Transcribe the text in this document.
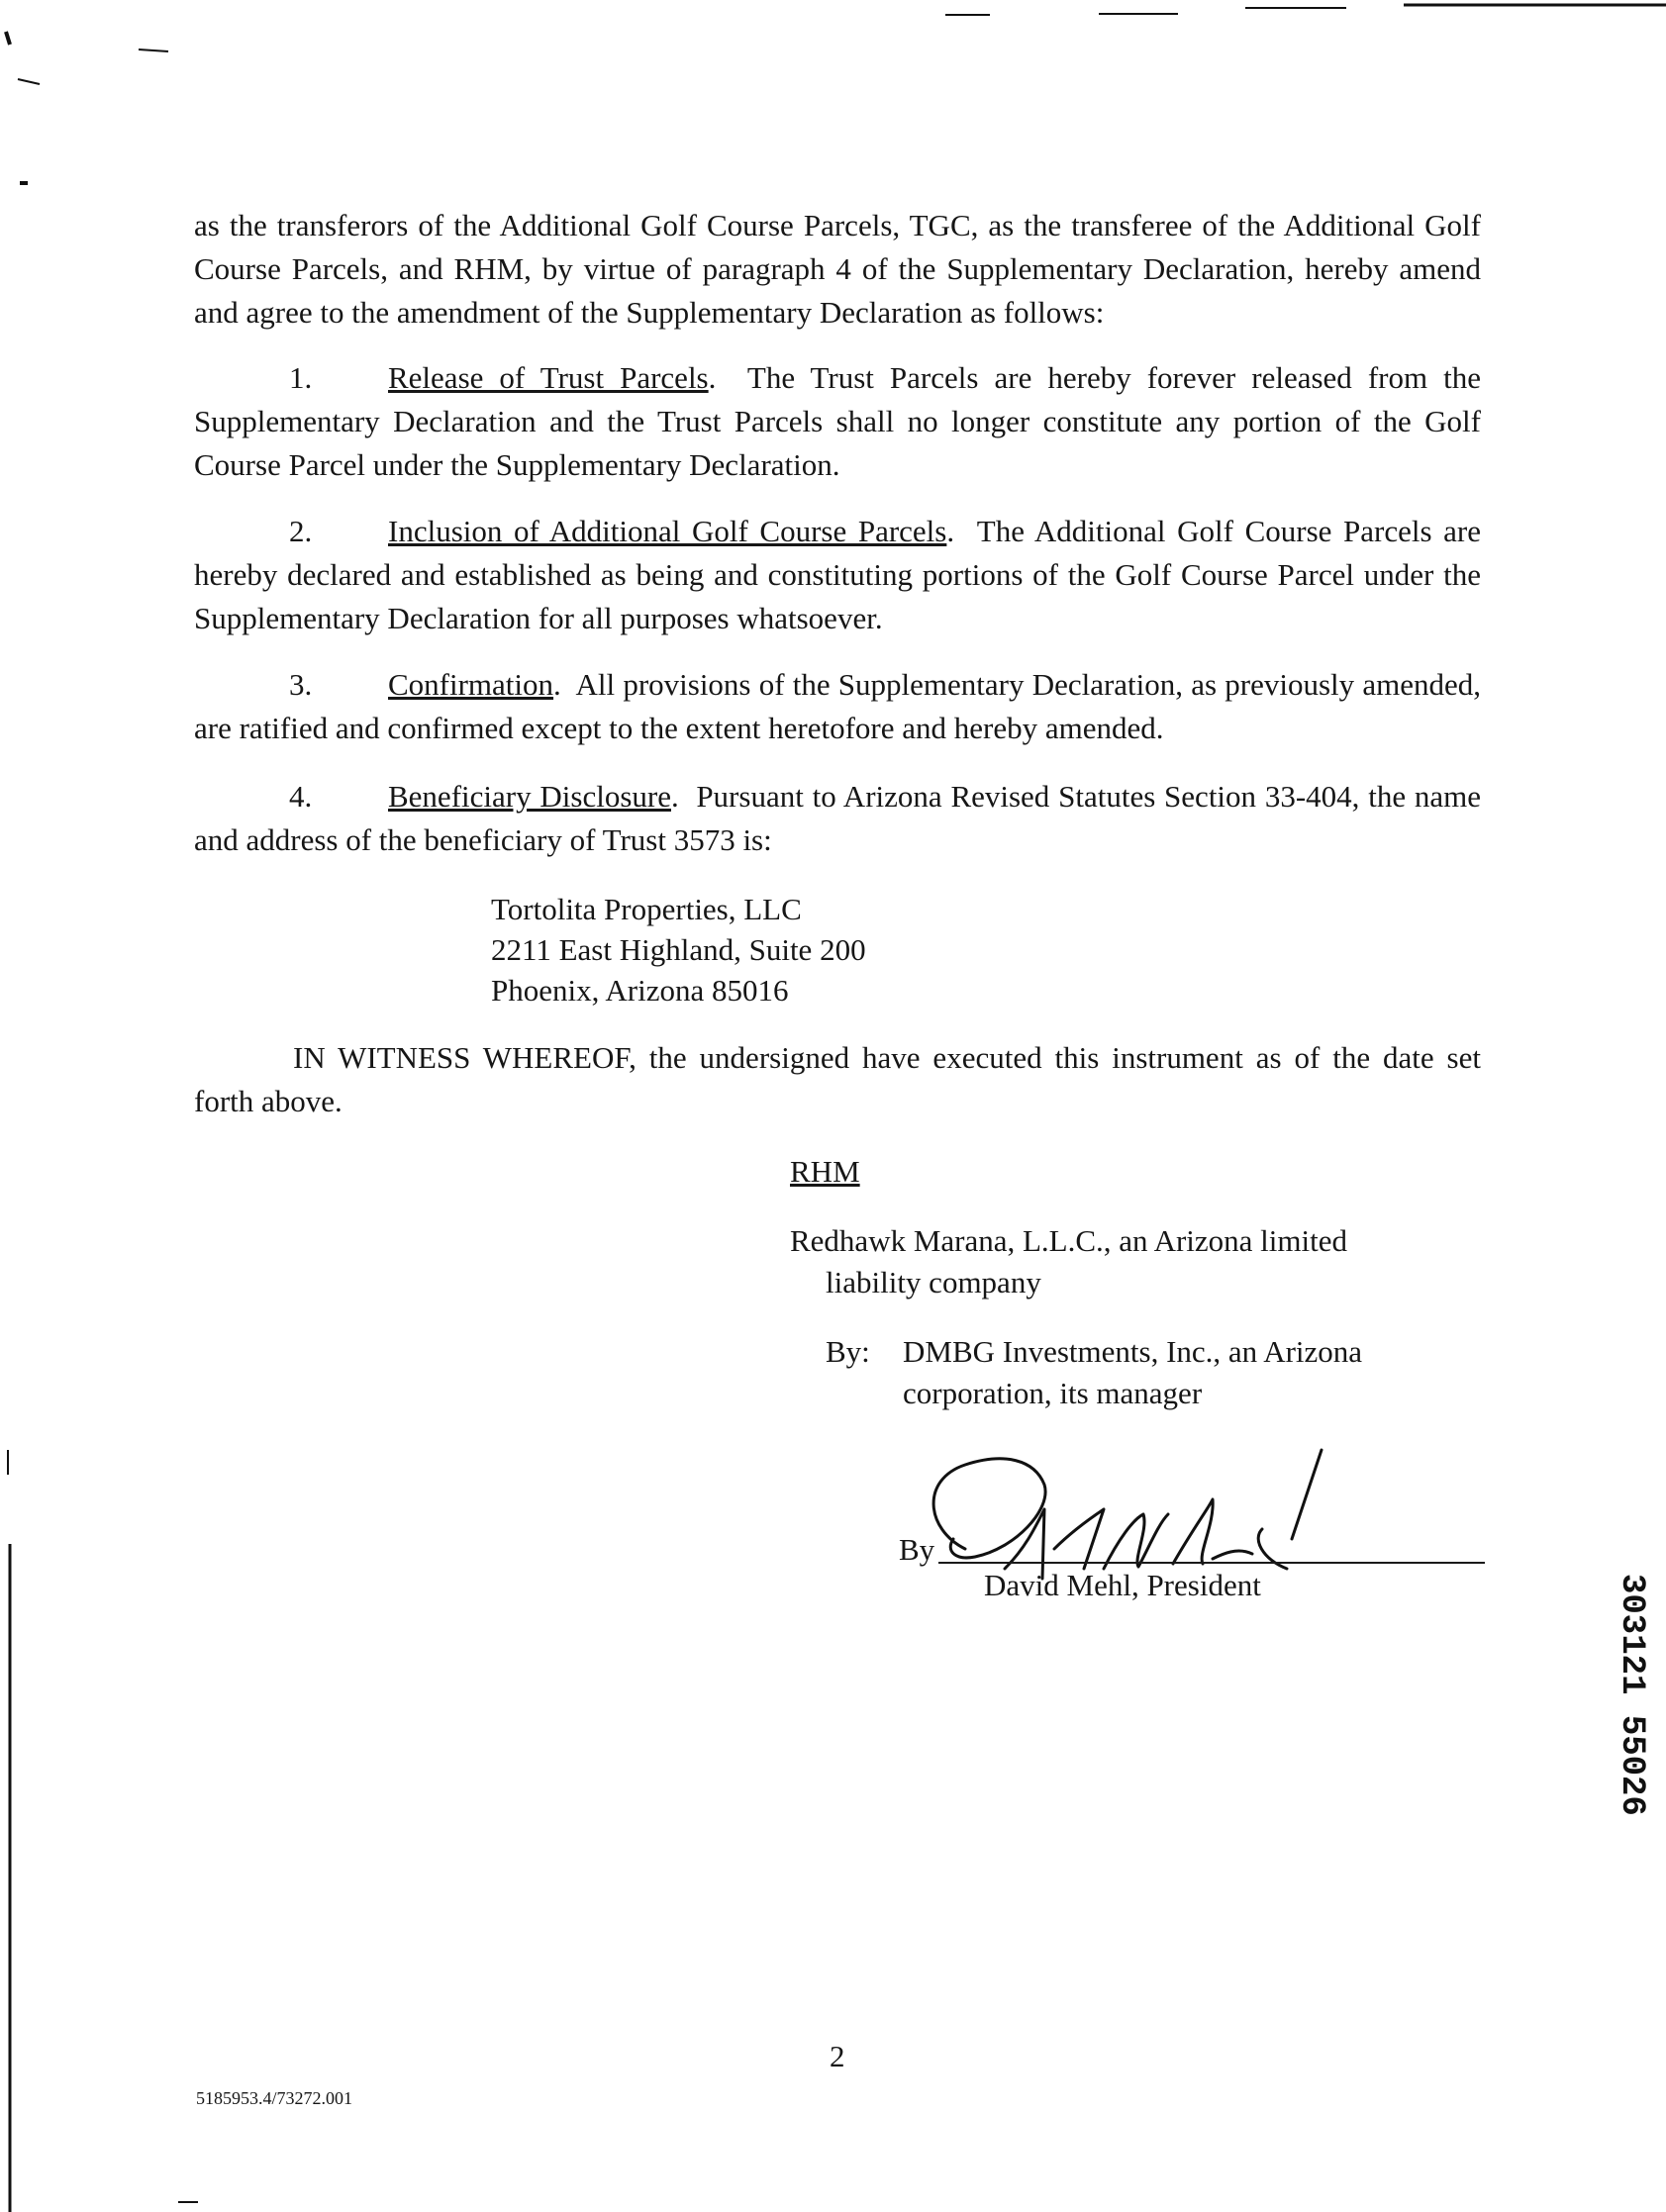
as the transferors of the Additional Golf Course Parcels, TGC, as the transferee of the Additional Golf Course Parcels, and RHM, by virtue of paragraph 4 of the Supplementary Declaration, hereby amend and agree to the amendment of the Supplementary Declaration as follows:

1. Release of Trust Parcels.  The Trust Parcels are hereby forever released from the Supplementary Declaration and the Trust Parcels shall no longer constitute any portion of the Golf Course Parcel under the Supplementary Declaration.

2. Inclusion of Additional Golf Course Parcels.  The Additional Golf Course Parcels are hereby declared and established as being and constituting portions of the Golf Course Parcel under the Supplementary Declaration for all purposes whatsoever.

3. Confirmation.  All provisions of the Supplementary Declaration, as previously amended, are ratified and confirmed except to the extent heretofore and hereby amended.

4. Beneficiary Disclosure.  Pursuant to Arizona Revised Statutes Section 33-404, the name and address of the beneficiary of Trust 3573 is:

Tortolita Properties, LLC
2211 East Highland, Suite 200
Phoenix, Arizona 85016

IN WITNESS WHEREOF, the undersigned have executed this instrument as of the date set forth above.

RHM
Redhawk Marana, L.L.C., an Arizona limited
liability company
By:	DMBG Investments, Inc., an Arizona
corporation, its manager
By
David Mehl, President	303121 55026
2
5185953.4/73272.001
